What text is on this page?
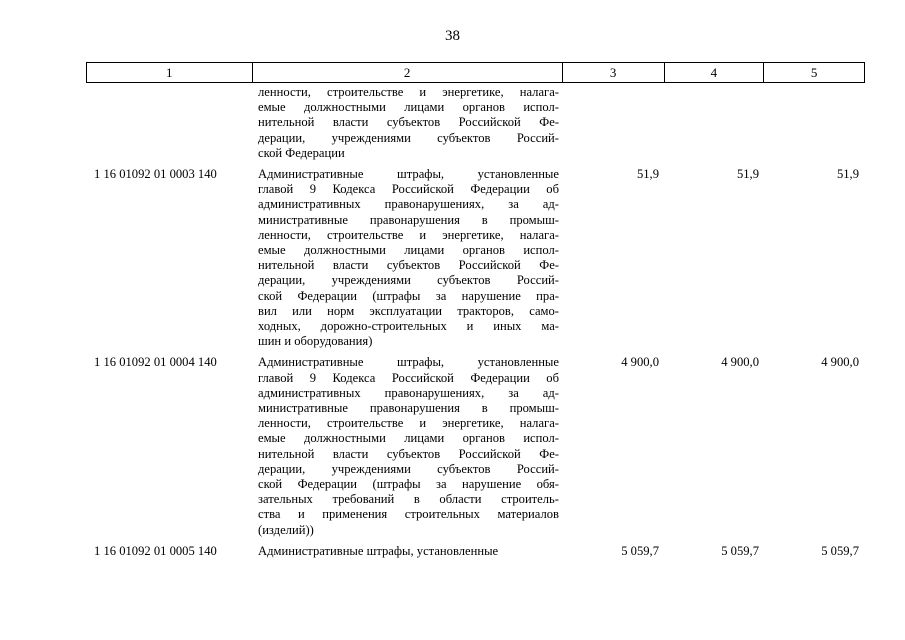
38
1	2	3	4	5
ленности, строительстве и энергетике, налага-
емые должностными лицами органов испол-
нительной власти субъектов Российской Фе-
дерации, учреждениями субъектов Россий-
ской Федерации
1 16 01092 01 0003 140	Административные штрафы, установленные
главой 9 Кодекса Российской Федерации об
административных правонарушениях, за ад-
министративные правонарушения в промыш-
ленности, строительстве и энергетике, налага-
емые должностными лицами органов испол-
нительной власти субъектов Российской Фе-
дерации, учреждениями субъектов Россий-
ской Федерации (штрафы за нарушение пра-
вил или норм эксплуатации тракторов, само-
ходных, дорожно-строительных и иных ма-
шин и оборудования)
51,9	51,9	51,9
1 16 01092 01 0004 140	Административные штрафы, установленные
главой 9 Кодекса Российской Федерации об
административных правонарушениях, за ад-
министративные правонарушения в промыш-
ленности, строительстве и энергетике, налага-
емые должностными лицами органов испол-
нительной власти субъектов Российской Фе-
дерации, учреждениями субъектов Россий-
ской Федерации (штрафы за нарушение обя-
зательных требований в области строитель-
ства и применения строительных материалов
(изделий))
4 900,0	4 900,0	4 900,0
1 16 01092 01 0005 140	Административные штрафы, установленные	5 059,7	5 059,7	5 059,7
